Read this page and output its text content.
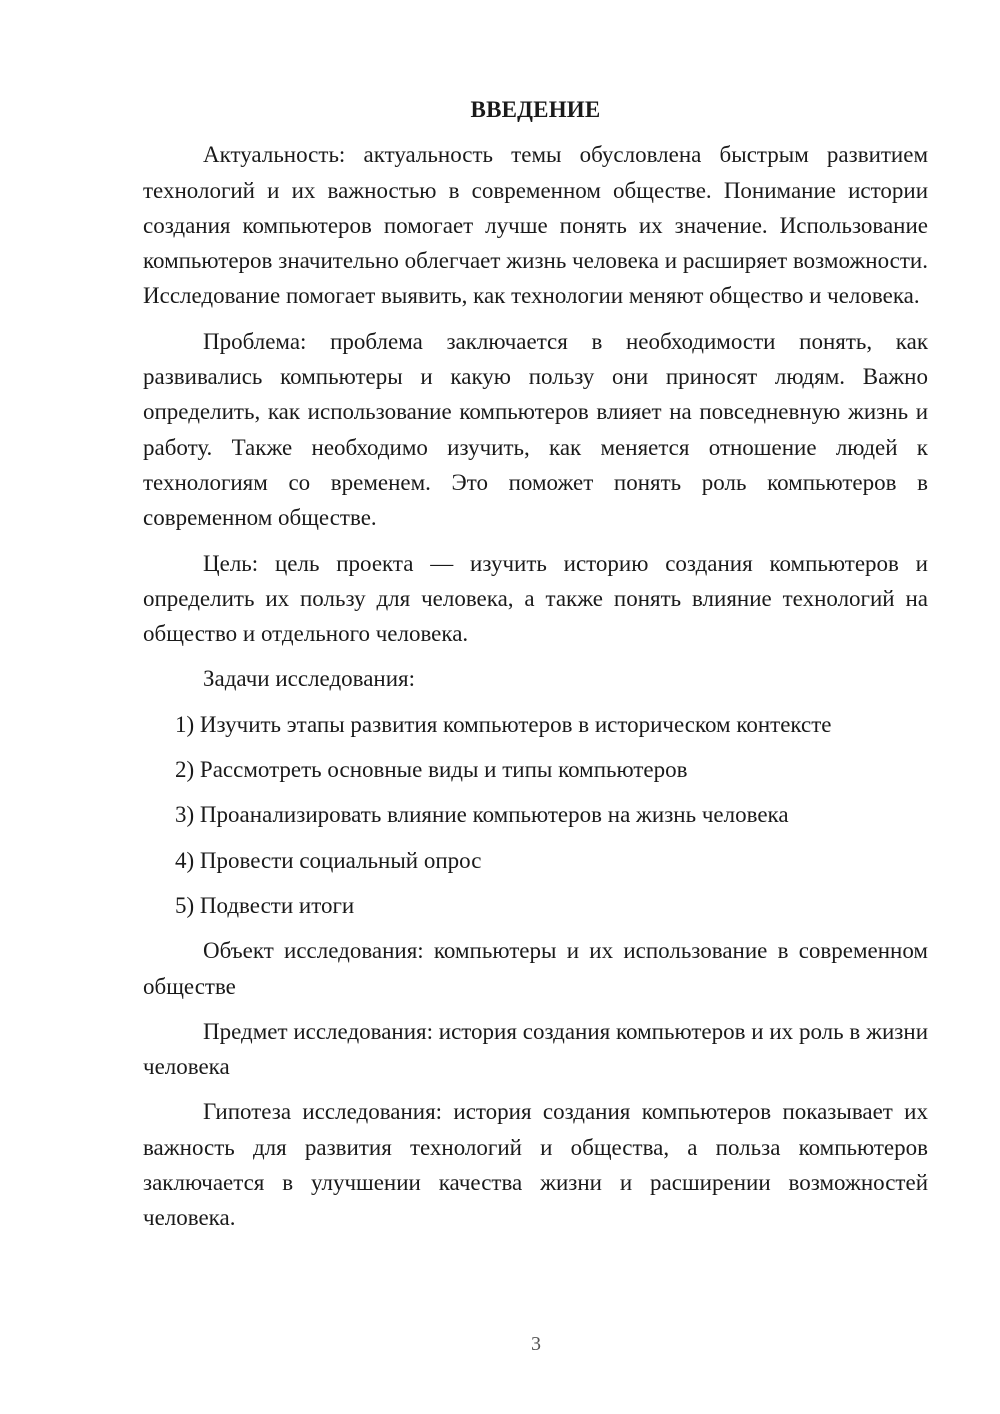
ВВЕДЕНИЕ

Актуальность: актуальность темы обусловлена быстрым развитием технологий и их важностью в современном обществе. Понимание истории создания компьютеров помогает лучше понять их значение. Использование компьютеров значительно облегчает жизнь человека и расширяет возможности. Исследование помогает выявить, как технологии меняют общество и человека.

Проблема: проблема заключается в необходимости понять, как развивались компьютеры и какую пользу они приносят людям. Важно определить, как использование компьютеров влияет на повседневную жизнь и работу. Также необходимо изучить, как меняется отношение людей к технологиям со временем. Это поможет понять роль компьютеров в современном обществе.

Цель: цель проекта — изучить историю создания компьютеров и определить их пользу для человека, а также понять влияние технологий на общество и отдельного человека.

Задачи исследования:

1) Изучить этапы развития компьютеров в историческом контексте
2) Рассмотреть основные виды и типы компьютеров
3) Проанализировать влияние компьютеров на жизнь человека
4) Провести социальный опрос
5) Подвести итоги

Объект исследования: компьютеры и их использование в современном обществе

Предмет исследования: история создания компьютеров и их роль в жизни человека

Гипотеза исследования: история создания компьютеров показывает их важность для развития технологий и общества, а польза компьютеров заключается в улучшении качества жизни и расширении возможностей человека.

3
